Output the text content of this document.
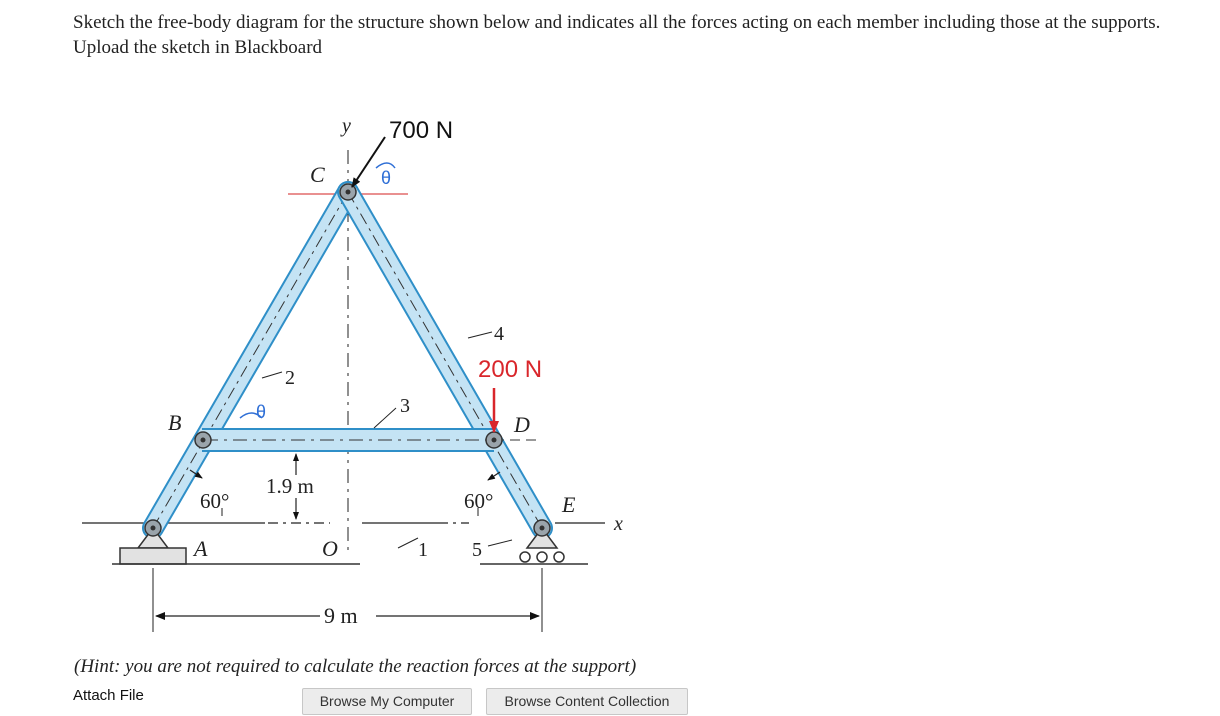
Sketch the free-body diagram for the structure shown below and indicates all the forces acting on each member including those at the supports.
Upload the sketch in Blackboard
y 700 N
C	θ
4
200 N
2
3
θ
B	D
1.9 m
60°	60°	E
x
A	O	1 5
9 m
(Hint: you are not required to calculate the reaction forces at the support)
Attach File	Browse My Computer	Browse Content Collection
